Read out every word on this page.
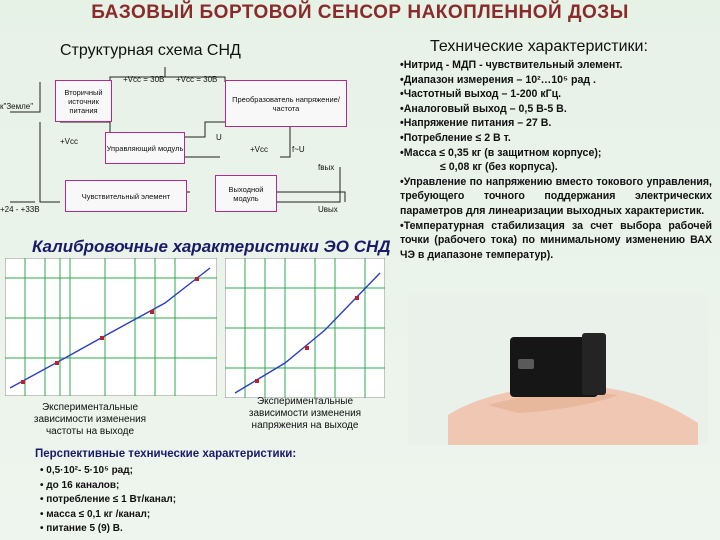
БАЗОВЫЙ БОРТОВОЙ СЕНСОР НАКОПЛЕННОЙ ДОЗЫ
Структурная схема СНД
Вторичный источник питания
Преобразователь напряжение/ частота
Управляющий модуль
Чувствительный элемент
Выходной модуль
+Vcc = 30В +Vcc = 30В
к"Земле"
+Vcc
+Vcc
U
f~U
fвых
Uвых
+24 - +33В
Технические характеристики:
•Нитрид - МДП - чувствительный элемент.
•Диапазон измерения – 10²…10⁵ рад .
•Частотный выход – 1-200 кГц.
•Аналоговый выход – 0,5 В-5 В.
•Напряжение питания – 27 В.
•Потребление ≤ 2 В т.
•Масса ≤ 0,35 кг (в защитном корпусе);
≤ 0,08 кг (без корпуса).
•Управление по напряжению вместо токового управления, требующего точного поддержания электрических параметров для линеаризации выходных характеристик.
•Температурная стабилизация за счет выбора рабочей точки (рабочего тока) по минимальному изменению ВАХ ЧЭ в диапазоне температур).
Калибровочные характеристики ЭО СНД
Экспериментальные зависимости изменения частоты на выходе
Экспериментальные зависимости изменения напряжения на выходе
Перспективные технические характеристики:
• 0,5·10²- 5·10⁵ рад;
• до 16 каналов;
• потребление ≤ 1 Вт/канал;
• масса ≤ 0,1 кг /канал;
• питание 5 (9) В.
